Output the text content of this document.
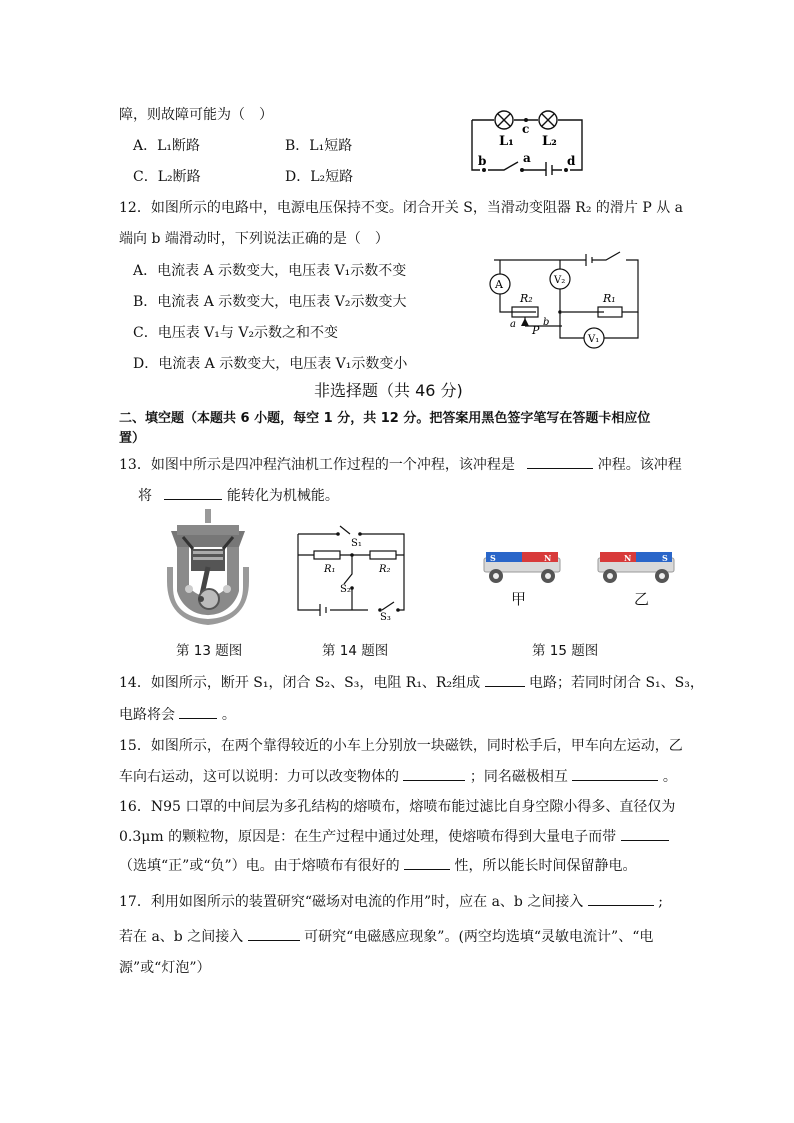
障，则故障可能为（　）
A．L₁断路	B．L₁短路
C．L₂断路	D．L₂短路
L₁ L₂
c
b	a	d
12．如图所示的电路中，电源电压保持不变。闭合开关 S，当滑动变阻器 R₂ 的滑片 P 从 a
端向 b 端滑动时，下列说法正确的是（　）
A．电流表 A 示数变大，电压表 V₁示数不变
B．电流表 A 示数变大，电压表 V₂示数变大
C．电压表 V₁与 V₂示数之和不变
D．电流表 A 示数变大，电压表 V₁示数变小
A	V₂
V₁
R₂	R₁
a	b
P
非选择题（共 46 分)
二、填空题（本题共 6 小题，每空 1 分，共 12 分。把答案用黑色签字笔写在答题卡相应位
置）
13．如图中所示是四冲程汽油机工作过程的一个冲程，该冲程是	冲程。该冲程
将	能转化为机械能。
S₁
R₁	R₂
S₂
S₃
S	N	N	S
甲	乙
第 13 题图	第 14 题图	第 15 题图
14．如图所示，断开 S₁，闭合 S₂、S₃，电阻 R₁、R₂组成	电路；若同时闭合 S₁、S₃，
电路将会	。
15．如图所示，在两个靠得较近的小车上分别放一块磁铁，同时松手后，甲车向左运动，乙
车向右运动，这可以说明：力可以改变物体的	；同名磁极相互	。
16．N95 口罩的中间层为多孔结构的熔喷布，熔喷布能过滤比自身空隙小得多、直径仅为
0.3μm 的颗粒物，原因是：在生产过程中通过处理，使熔喷布得到大量电子而带
（选填“正”或“负”）电。由于熔喷布有很好的	性，所以能长时间保留静电。
17．利用如图所示的装置研究“磁场对电流的作用”时，应在 a、b 之间接入	;
若在 a、b 之间接入	可研究“电磁感应现象”。(两空均选填“灵敏电流计”、“电
源”或“灯泡”）
